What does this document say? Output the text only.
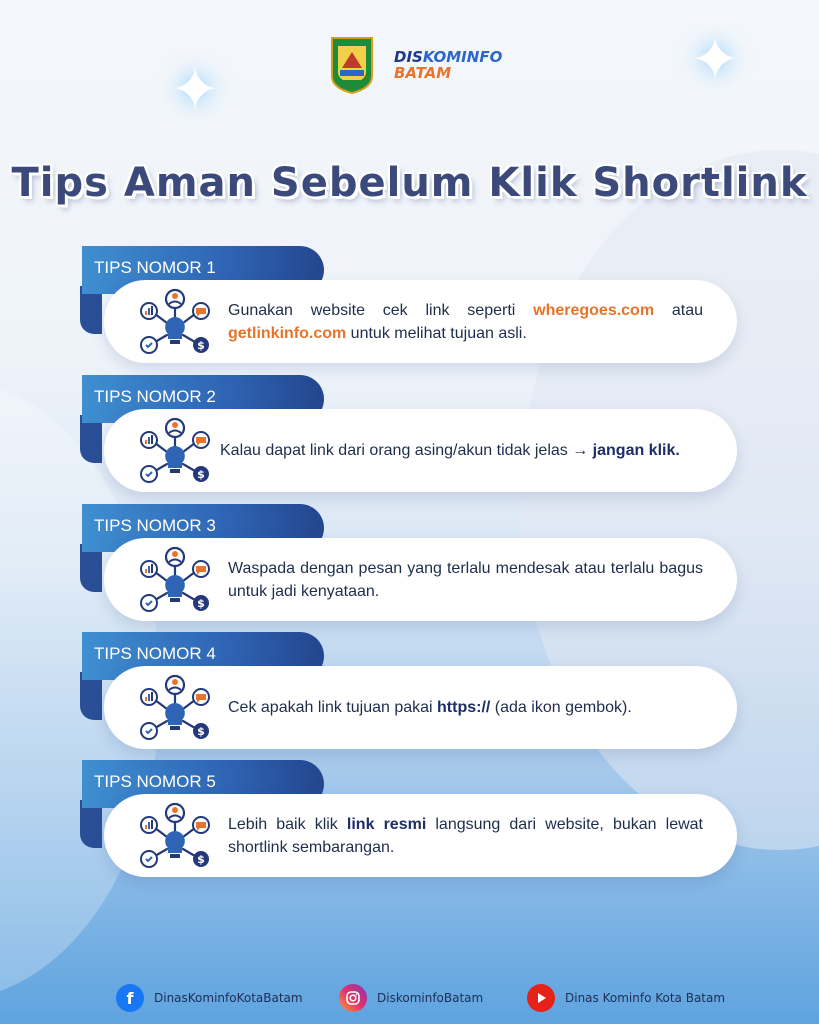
✦	✦
DISKOMINFO
BATAM
Tips Aman Sebelum Klik Shortlink
TIPS NOMOR 1
$
Gunakan website cek link seperti wheregoes.com atau getlinkinfo.com untuk melihat tujuan asli.
TIPS NOMOR 2
$
Kalau dapat link dari orang asing/akun tidak jelas → jangan klik.
TIPS NOMOR 3
$
Waspada dengan pesan yang terlalu mendesak atau terlalu bagus untuk jadi kenyataan.
TIPS NOMOR 4
$
Cek apakah link tujuan pakai https:// (ada ikon gembok).
TIPS NOMOR 5
$
Lebih baik klik link resmi langsung dari website, bukan lewat shortlink sembarangan.
f	DinasKominfoKotaBatam	DiskominfoBatam	Dinas Kominfo Kota Batam
